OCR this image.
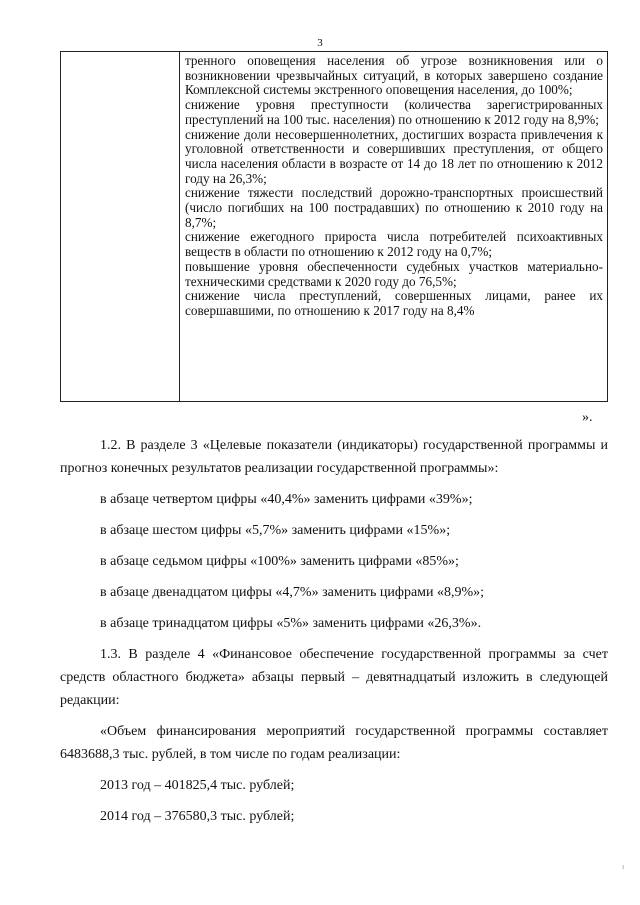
3

тренного оповещения населения об угрозе возникновения или о возникновении чрезвычайных ситуаций, в которых завершено создание Комплексной системы экстренного оповещения населения, до 100%;

снижение уровня преступности (количества зарегистрированных преступлений на 100 тыс. населения) по отношению к 2012 году на 8,9%;

снижение доли несовершеннолетних, достигших возраста привлечения к уголовной ответственности и совершивших преступления, от общего числа населения области в возрасте от 14 до 18 лет по отношению к 2012 году на 26,3%;

снижение тяжести последствий дорожно-транспортных происшествий (число погибших на 100 пострадавших) по отношению к 2010 году на 8,7%;

снижение ежегодного прироста числа потребителей психоактивных веществ в области по отношению к 2012 году на 0,7%;

повышение уровня обеспеченности судебных участков материально-техническими средствами к 2020 году до 76,5%;

снижение числа преступлений, совершенных лицами, ранее их совершавшими, по отношению к 2017 году на 8,4%

».

1.2. В разделе 3 «Целевые показатели (индикаторы) государственной программы и прогноз конечных результатов реализации государственной программы»:

в абзаце четвертом цифры «40,4%» заменить цифрами «39%»;

в абзаце шестом цифры «5,7%» заменить цифрами «15%»;

в абзаце седьмом цифры «100%» заменить цифрами «85%»;

в абзаце двенадцатом цифры «4,7%» заменить цифрами «8,9%»;

в абзаце тринадцатом цифры «5%» заменить цифрами «26,3%».

1.3. В разделе 4 «Финансовое обеспечение государственной программы за счет средств областного бюджета» абзацы первый – девятнадцатый изложить в следующей редакции:

«Объем финансирования мероприятий государственной программы составляет 6483688,3 тыс. рублей, в том числе по годам реализации:

2013 год – 401825,4 тыс. рублей;

2014 год – 376580,3 тыс. рублей;

ı
